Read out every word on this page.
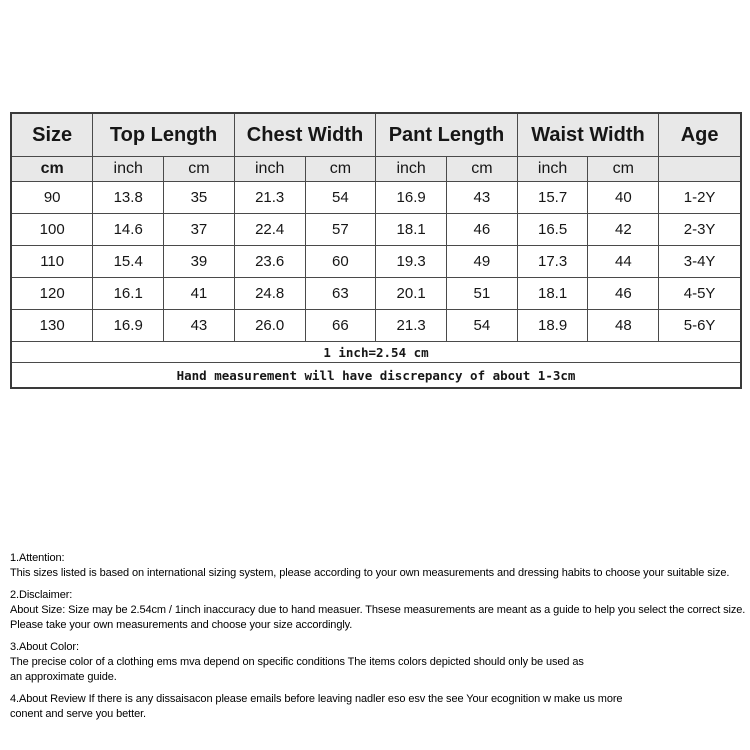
Size	Top Length		Chest Width		Pant Length		Waist Width		Age
cm	inch	cm	inch	cm	inch	cm	inch	cm	
90	13.8	35	21.3	54	16.9	43	15.7	40	1-2Y
100	14.6	37	22.4	57	18.1	46	16.5	42	2-3Y
110	15.4	39	23.6	60	19.3	49	17.3	44	3-4Y
120	16.1	41	24.8	63	20.1	51	18.1	46	4-5Y
130	16.9	43	26.0	66	21.3	54	18.9	48	5-6Y
1 inch=2.54 cm									
Hand measurement will have discrepancy of about 1-3cm									
1.Attention:
This sizes listed is based on international sizing system, please according to your own measurements and dressing habits to choose your suitable size.
2.Disclaimer:
About Size: Size may be 2.54cm / 1inch inaccuracy due to hand measuer. Thsese measurements are meant as a guide to help you select the correct size.
Please take your own measurements and choose your size accordingly.
3.About Color:
The precise color of a clothing ems mva depend on specific conditions The items colors depicted should only be used as
an approximate guide.
4.About Review If there is any dissaisacon please emails before leaving nadler eso esv the see Your ecognition w make us more
conent and serve you better.
